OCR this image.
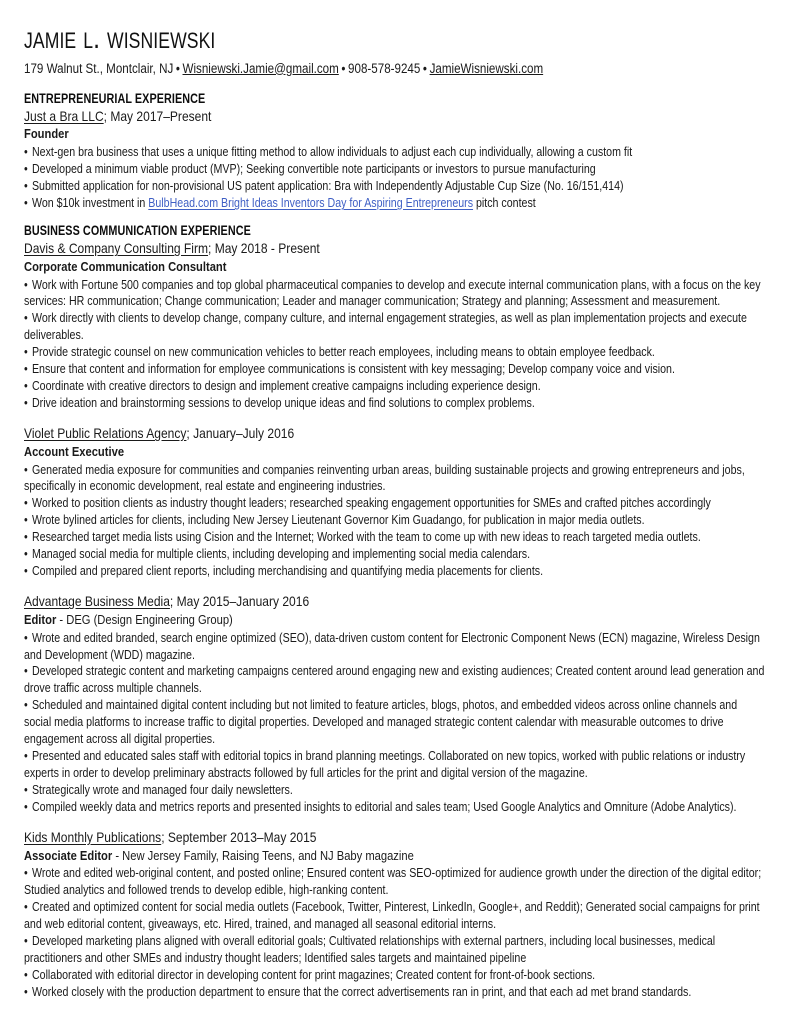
jamie l. wisniewski
179 Walnut St., Montclair, NJ • Wisniewski.Jamie@gmail.com • 908-578-9245 • JamieWisniewski.com
ENTREPRENEURIAL EXPERIENCE
Just a Bra LLC; May 2017–Present
Founder
• Next-gen bra business that uses a unique fitting method to allow individuals to adjust each cup individually, allowing a custom fit
• Developed a minimum viable product (MVP); Seeking convertible note participants or investors to pursue manufacturing
• Submitted application for non-provisional US patent application: Bra with Independently Adjustable Cup Size (No. 16/151,414)
• Won $10k investment in BulbHead.com Bright Ideas Inventors Day for Aspiring Entrepreneurs pitch contest
BUSINESS COMMUNICATION EXPERIENCE
Davis & Company Consulting Firm; May 2018 - Present
Corporate Communication Consultant
• Work with Fortune 500 companies and top global pharmaceutical companies to develop and execute internal communication plans, with a focus on the key services: HR communication; Change communication; Leader and manager communication; Strategy and planning; Assessment and measurement.
• Work directly with clients to develop change, company culture, and internal engagement strategies, as well as plan implementation projects and execute deliverables.
• Provide strategic counsel on new communication vehicles to better reach employees, including means to obtain employee feedback.
• Ensure that content and information for employee communications is consistent with key messaging; Develop company voice and vision.
• Coordinate with creative directors to design and implement creative campaigns including experience design.
• Drive ideation and brainstorming sessions to develop unique ideas and find solutions to complex problems.
Violet Public Relations Agency; January–July 2016
Account Executive
• Generated media exposure for communities and companies reinventing urban areas, building sustainable projects and growing entrepreneurs and jobs, specifically in economic development, real estate and engineering industries.
• Worked to position clients as industry thought leaders; researched speaking engagement opportunities for SMEs and crafted pitches accordingly
• Wrote bylined articles for clients, including New Jersey Lieutenant Governor Kim Guadango, for publication in major media outlets.
• Researched target media lists using Cision and the Internet; Worked with the team to come up with new ideas to reach targeted media outlets.
• Managed social media for multiple clients, including developing and implementing social media calendars.
• Compiled and prepared client reports, including merchandising and quantifying media placements for clients.
Advantage Business Media; May 2015–January 2016
Editor - DEG (Design Engineering Group)
• Wrote and edited branded, search engine optimized (SEO), data-driven custom content for Electronic Component News (ECN) magazine, Wireless Design and Development (WDD) magazine.
• Developed strategic content and marketing campaigns centered around engaging new and existing audiences; Created content around lead generation and drove traffic across multiple channels.
• Scheduled and maintained digital content including but not limited to feature articles, blogs, photos, and embedded videos across online channels and social media platforms to increase traffic to digital properties. Developed and managed strategic content calendar with measurable outcomes to drive engagement across all digital properties.
• Presented and educated sales staff with editorial topics in brand planning meetings. Collaborated on new topics, worked with public relations or industry experts in order to develop preliminary abstracts followed by full articles for the print and digital version of the magazine.
• Strategically wrote and managed four daily newsletters.
• Compiled weekly data and metrics reports and presented insights to editorial and sales team; Used Google Analytics and Omniture (Adobe Analytics).
Kids Monthly Publications; September 2013–May 2015
Associate Editor - New Jersey Family, Raising Teens, and NJ Baby magazine
• Wrote and edited web-original content, and posted online; Ensured content was SEO-optimized for audience growth under the direction of the digital editor; Studied analytics and followed trends to develop edible, high-ranking content.
• Created and optimized content for social media outlets (Facebook, Twitter, Pinterest, LinkedIn, Google+, and Reddit); Generated social campaigns for print and web editorial content, giveaways, etc. Hired, trained, and managed all seasonal editorial interns.
• Developed marketing plans aligned with overall editorial goals; Cultivated relationships with external partners, including local businesses, medical practitioners and other SMEs and industry thought leaders; Identified sales targets and maintained pipeline
• Collaborated with editorial director in developing content for print magazines; Created content for front-of-book sections.
• Worked closely with the production department to ensure that the correct advertisements ran in print, and that each ad met brand standards.
